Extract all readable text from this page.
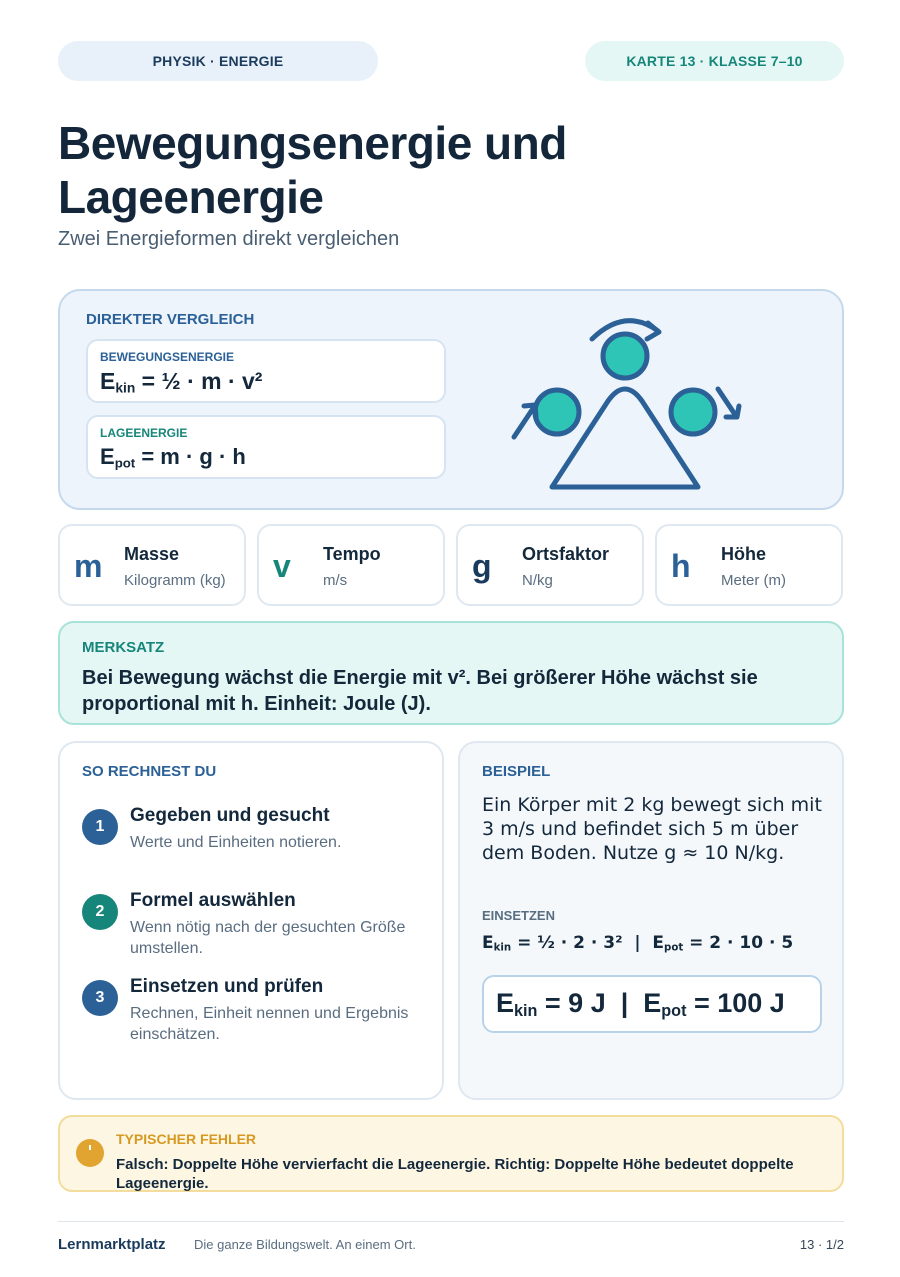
PHYSIK · ENERGIE	KARTE 13 · KLASSE 7–10
Bewegungsenergie und Lageenergie
Zwei Energieformen direkt vergleichen
DIREKTER VERGLEICH
BEWEGUNGSENERGIE
$E_{kin}$ = ½ · m · v²
LAGEENERGIE
$E_{pot} = m \cdot g \cdot h$
m Masse
Kilogramm (kg) v Tempo
m/s	g Ortsfaktor
N/kg	h Höhe
Meter (m)
MERKSATZ
Bei Bewegung wächst die Energie mit v². Bei größerer Höhe wächst sie proportional mit h. Einheit: Joule (J).
SO RECHNEST DU
1
Gegeben und gesucht
Werte und Einheiten notieren.
2
Formel auswählen
Wenn nötig nach der gesuchten Größe umstellen.
3
Einsetzen und prüfen
Rechnen, Einheit nennen und Ergebnis einschätzen.
BEISPIEL
Ein Körper mit 2 kg bewegt sich mit 3 m/s und befindet sich 5 m über dem Boden. Nutze g ≈ 10 N/kg.
EINSETZEN
$E_{kin}$ = ½ · 2 · 3²  |  $E_{pot} = 2 \cdot 10 \cdot 5$
$E_{kin} = 9$ J  |  $E_{pot} = 100$ J
TYPISCHER FEHLER
Falsch: Doppelte Höhe vervierfacht die Lageenergie. Richtig: Doppelte Höhe bedeutet doppelte Lageenergie.
Lernmarktplatz Die ganze Bildungswelt. An einem Ort.	13 · 1/2
